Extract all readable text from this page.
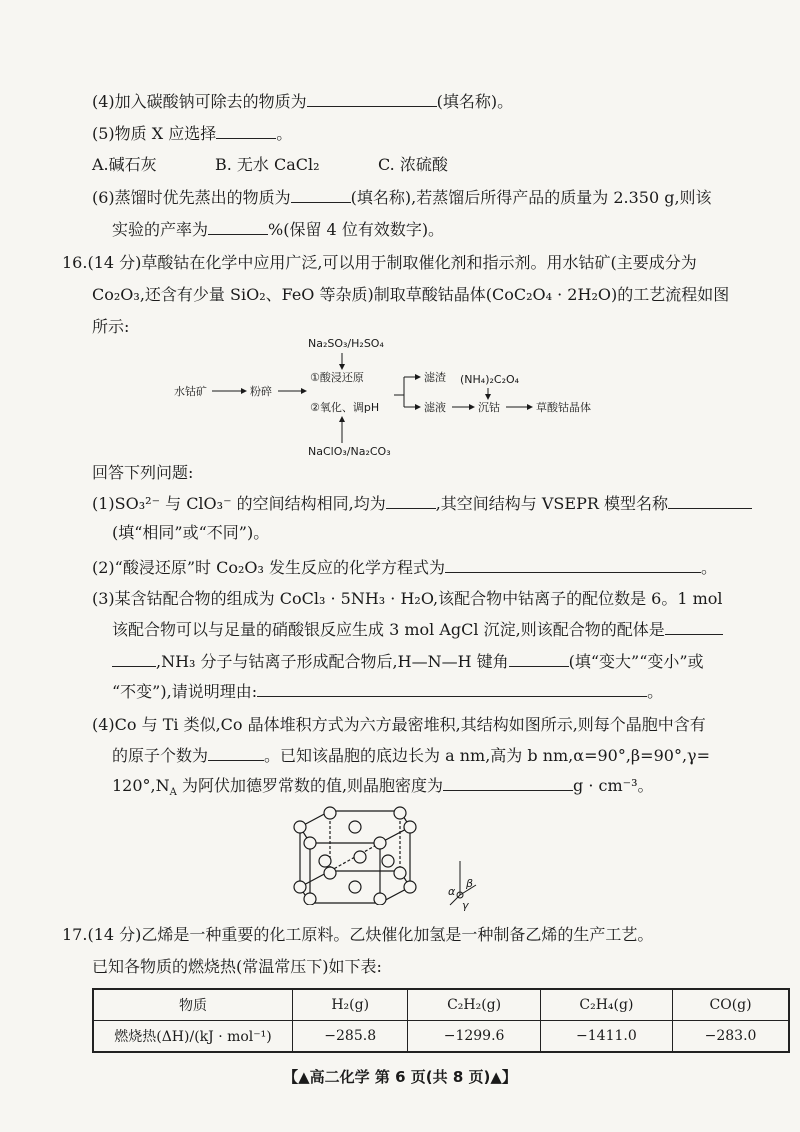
(4)加入碳酸钠可除去的物质为	(填名称)。
(5)物质 X 应选择	。
A.碱石灰	B. 无水 CaCl₂	C. 浓硫酸
(6)蒸馏时优先蒸出的物质为	(填名称),若蒸馏后所得产品的质量为 2.350 g,则该
实验的产率为	%(保留 4 位有效数字)。
16.(14 分)草酸钴在化学中应用广泛,可以用于制取催化剂和指示剂。用水钴矿(主要成分为
Co₂O₃,还含有少量 SiO₂、FeO 等杂质)制取草酸钴晶体(CoC₂O₄ · 2H₂O)的工艺流程如图
所示:
Na₂SO₃/H₂SO₄
水钴矿	粉碎
①酸浸还原
②氧化、调pH
NaClO₃/Na₂CO₃
滤渣
滤液
(NH₄)₂C₂O₄
沉钴	草酸钴晶体
回答下列问题:
(1)SO₃²⁻ 与 ClO₃⁻ 的空间结构相同,均为	,其空间结构与 VSEPR 模型名称
(填“相同”或“不同”)。
(2)“酸浸还原”时 Co₂O₃ 发生反应的化学方程式为	。
(3)某含钴配合物的组成为 CoCl₃ · 5NH₃ · H₂O,该配合物中钴离子的配位数是 6。1 mol
该配合物可以与足量的硝酸银反应生成 3 mol AgCl 沉淀,则该配合物的配体是
,NH₃ 分子与钴离子形成配合物后,H—N—H 键角	(填“变大”“变小”或
“不变”),请说明理由:	。
(4)Co 与 Ti 类似,Co 晶体堆积方式为六方最密堆积,其结构如图所示,则每个晶胞中含有
的原子个数为	。已知该晶胞的底边长为 a nm,高为 b nm,α=90°,β=90°,γ=
$120^\circ,N_A$ 为阿伏加德罗常数的值,则晶胞密度为	g · cm⁻³。
α
β
γ
17.(14 分)乙烯是一种重要的化工原料。乙炔催化加氢是一种制备乙烯的生产工艺。
已知各物质的燃烧热(常温常压下)如下表:
物质	H₂(g)	C₂H₂(g)	C₂H₄(g)	CO(g)
燃烧热(ΔH)/(kJ · mol⁻¹)	−285.8	−1299.6	−1411.0	−283.0
【▲高二化学 第 6 页(共 8 页)▲】
